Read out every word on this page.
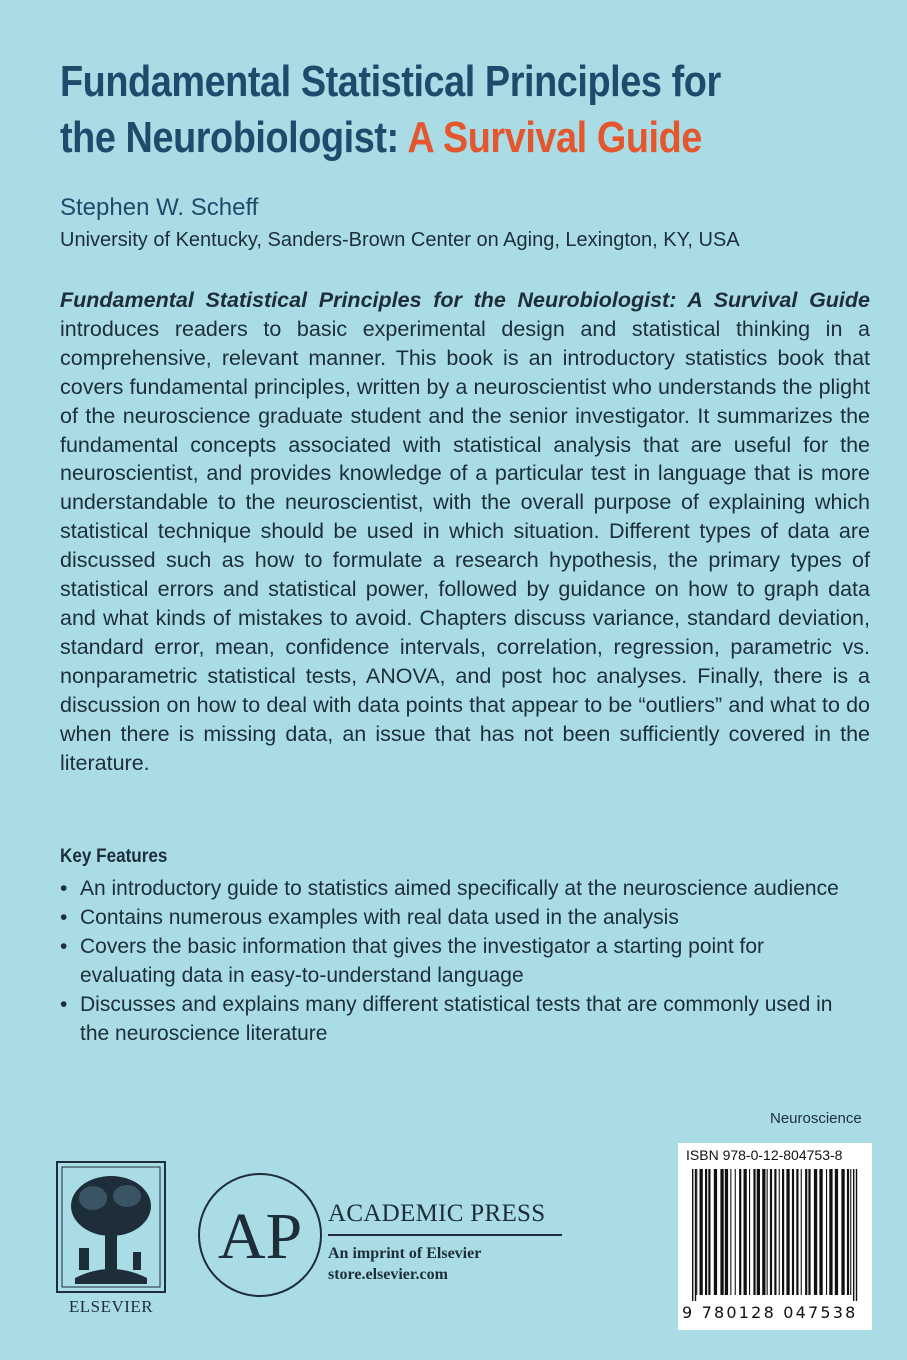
Fundamental Statistical Principles for
the Neurobiologist: A Survival Guide
Stephen W. Scheff
University of Kentucky, Sanders-Brown Center on Aging, Lexington, KY, USA
Fundamental Statistical Principles for the Neurobiologist: A Survival Guide introduces readers to basic experimental design and statistical thinking in a comprehensive, relevant manner. This book is an introductory statistics book that covers fundamental principles, written by a neuroscientist who understands the plight of the neuroscience graduate student and the senior investigator. It summarizes the fundamental concepts associated with statistical analysis that are useful for the neuroscientist, and provides knowledge of a particular test in language that is more understandable to the neuroscientist, with the overall purpose of explaining which statistical technique should be used in which situation. Different types of data are discussed such as how to formulate a research hypothesis, the primary types of statistical errors and statistical power, followed by guidance on how to graph data and what kinds of mistakes to avoid. Chapters discuss variance, standard deviation, standard error, mean, confidence intervals, correlation, regression, parametric vs. nonparametric statistical tests, ANOVA, and post hoc analyses. Finally, there is a discussion on how to deal with data points that appear to be “outliers” and what to do when there is missing data, an issue that has not been sufficiently covered in the literature.
Key Features
• An introductory guide to statistics aimed specifically at the neuroscience audience
• Contains numerous examples with real data used in the analysis
• Covers the basic information that gives the investigator a starting point for evaluating data in easy-to-understand language
• Discusses and explains many different statistical tests that are commonly used in the neuroscience literature
Neuroscience
ISBN 978-0-12-804753-8
9 780128 047538
ELSEVIER
AP ACADEMIC PRESS
An imprint of Elsevier
store.elsevier.com
